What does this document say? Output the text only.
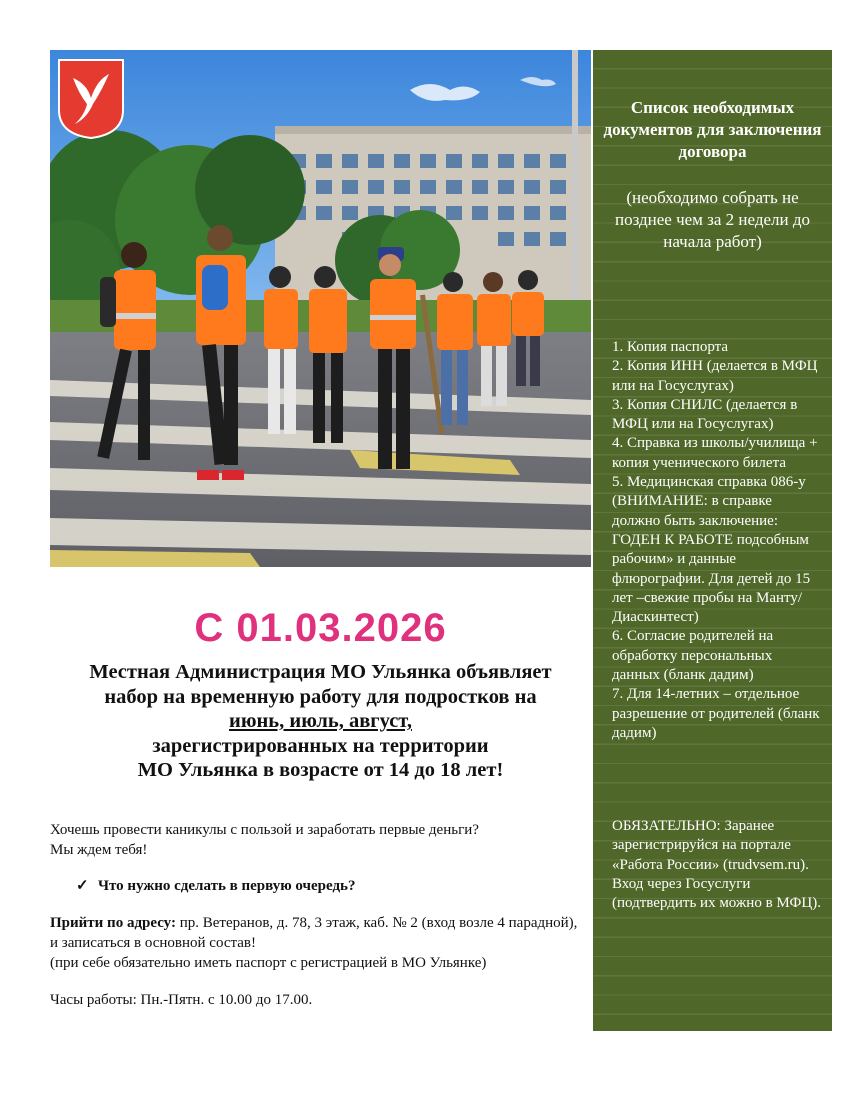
С 01.03.2026
Местная Администрация МО Ульянка объявляет
набор на временную работу для подростков на
июнь, июль, август,
зарегистрированных на территории
МО Ульянка в возрасте от 14 до 18 лет!
Хочешь провести каникулы с пользой и заработать первые деньги?
Мы ждем тебя!
✓ Что нужно сделать в первую очередь?
Прийти по адресу: пр. Ветеранов, д. 78, 3 этаж, каб. № 2 (вход возле 4 парадной), и записаться в основной состав!
(при себе обязательно иметь паспорт с регистрацией в МО Ульянке)
Часы работы: Пн.-Пятн. с 10.00 до 17.00.
Список необходимых документов для заключения договора
(необходимо собрать не позднее чем за 2 недели до начала работ)
1. Копия паспорта
2. Копия ИНН (делается в МФЦ или на Госуслугах)
3. Копия СНИЛС (делается в МФЦ или на Госуслугах)
4. Справка из школы/училища + копия ученического билета
5. Медицинская справка 086-у (ВНИМАНИЕ: в справке должно быть заключение: ГОДЕН К РАБОТЕ подсобным рабочим» и данные флюрографии. Для детей до 15 лет –свежие пробы на Манту/Диаскинтест)
6. Согласие родителей на обработку персональных данных (бланк дадим)
7. Для 14-летних – отдельное разрешение от родителей (бланк дадим)
ОБЯЗАТЕЛЬНО: Заранее зарегистрируйся на портале «Работа России» (trudvsem.ru). Вход через Госуслуги (подтвердить их можно в МФЦ).
